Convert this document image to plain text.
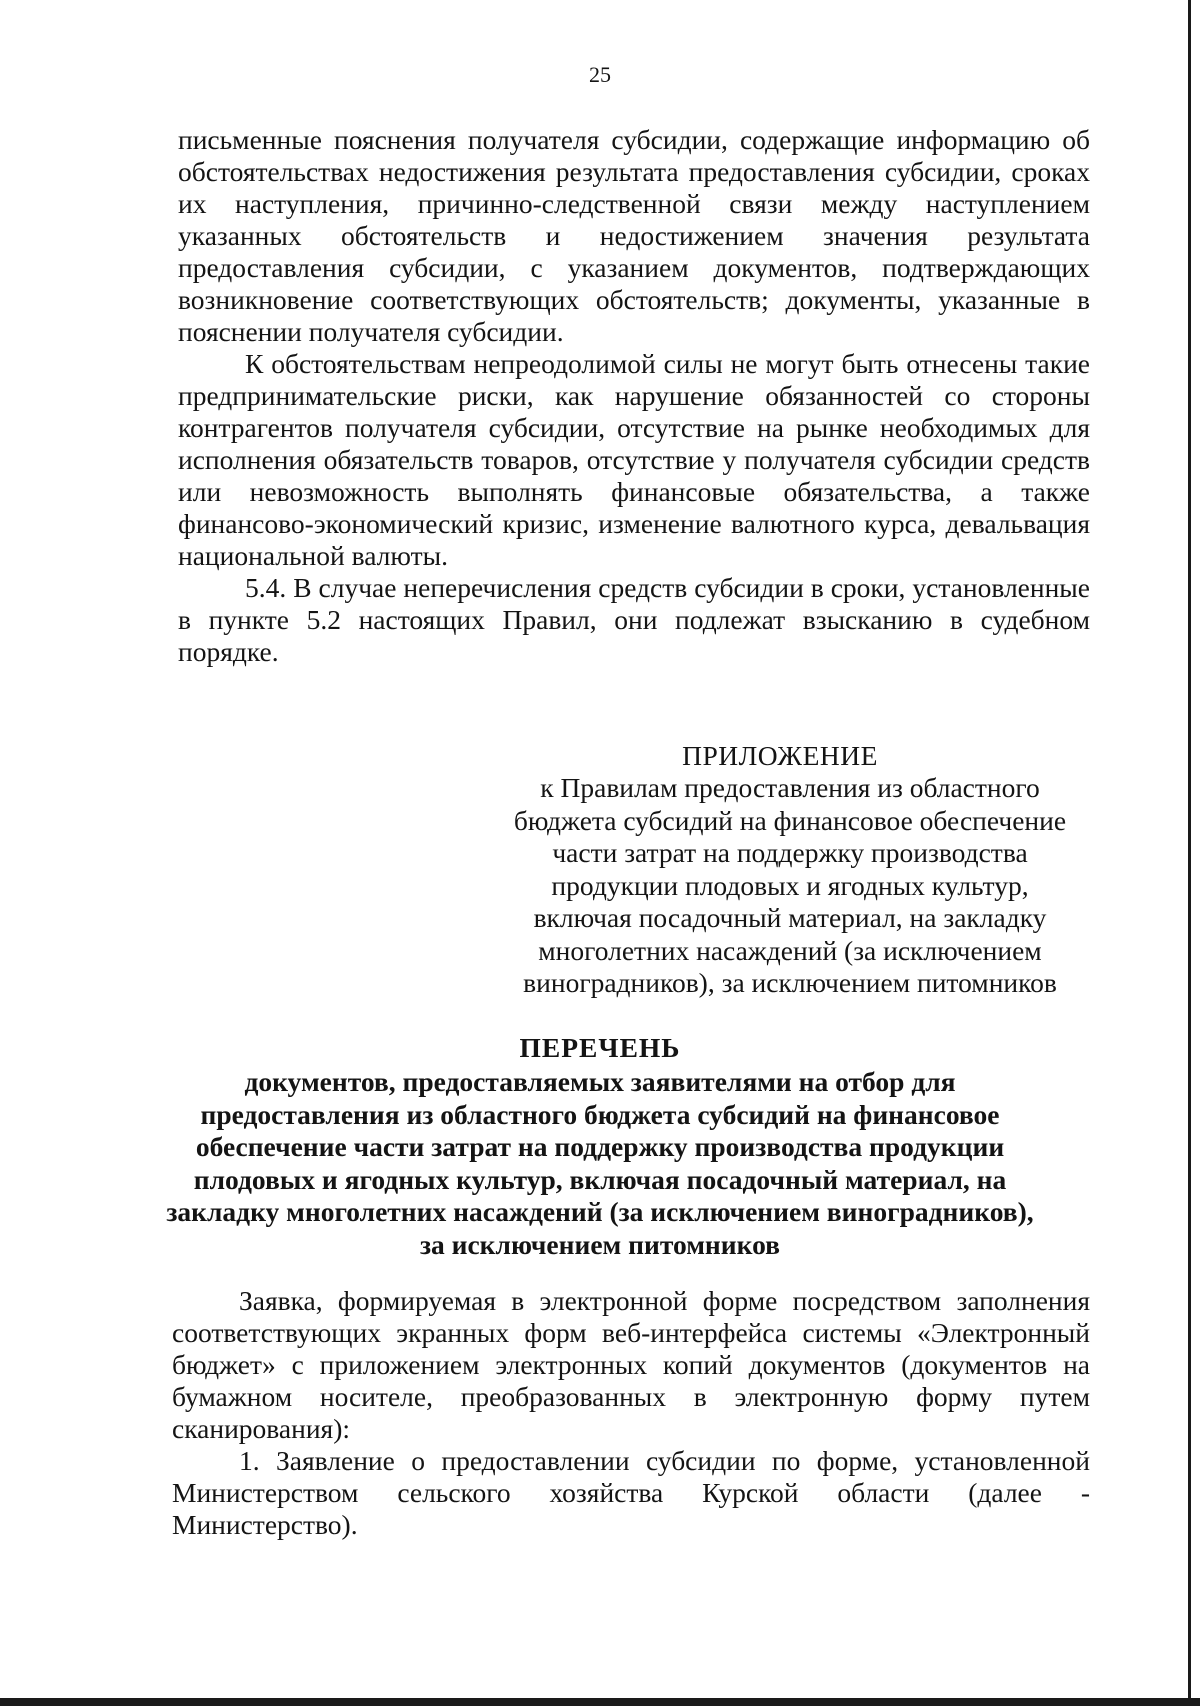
25

письменные пояснения получателя субсидии, содержащие информацию об обстоятельствах недостижения результата предоставления субсидии, сроках их наступления, причинно-следственной связи между наступлением указанных обстоятельств и недостижением значения результата предоставления субсидии, с указанием документов, подтверждающих возникновение соответствующих обстоятельств; документы, указанные в пояснении получателя субсидии.

К обстоятельствам непреодолимой силы не могут быть отнесены такие предпринимательские риски, как нарушение обязанностей со стороны контрагентов получателя субсидии, отсутствие на рынке необходимых для исполнения обязательств товаров, отсутствие у получателя субсидии средств или невозможность выполнять финансовые обязательства, а также финансово-экономический кризис, изменение валютного курса, девальвация национальной валюты.

5.4. В случае неперечисления средств субсидии в сроки, установленные в пункте 5.2 настоящих Правил, они подлежат взысканию в судебном порядке.

ПРИЛОЖЕНИЕ
к Правилам предоставления из областного
бюджета субсидий на финансовое обеспечение
части затрат на поддержку производства
продукции плодовых и ягодных культур,
включая посадочный материал, на закладку
многолетних насаждений (за исключением
виноградников), за исключением питомников
ПЕРЕЧЕНЬ
документов, предоставляемых заявителями на отбор для
предоставления из областного бюджета субсидий на финансовое
обеспечение части затрат на поддержку производства продукции
плодовых и ягодных культур, включая посадочный материал, на
закладку многолетних насаждений (за исключением виноградников),
за исключением питомников

Заявка, формируемая в электронной форме посредством заполнения соответствующих экранных форм веб-интерфейса системы «Электронный бюджет» с приложением электронных копий документов (документов на бумажном носителе, преобразованных в электронную форму путем сканирования):

1. Заявление о предоставлении субсидии по форме, установленной Министерством сельского хозяйства Курской области (далее - Министерство).
